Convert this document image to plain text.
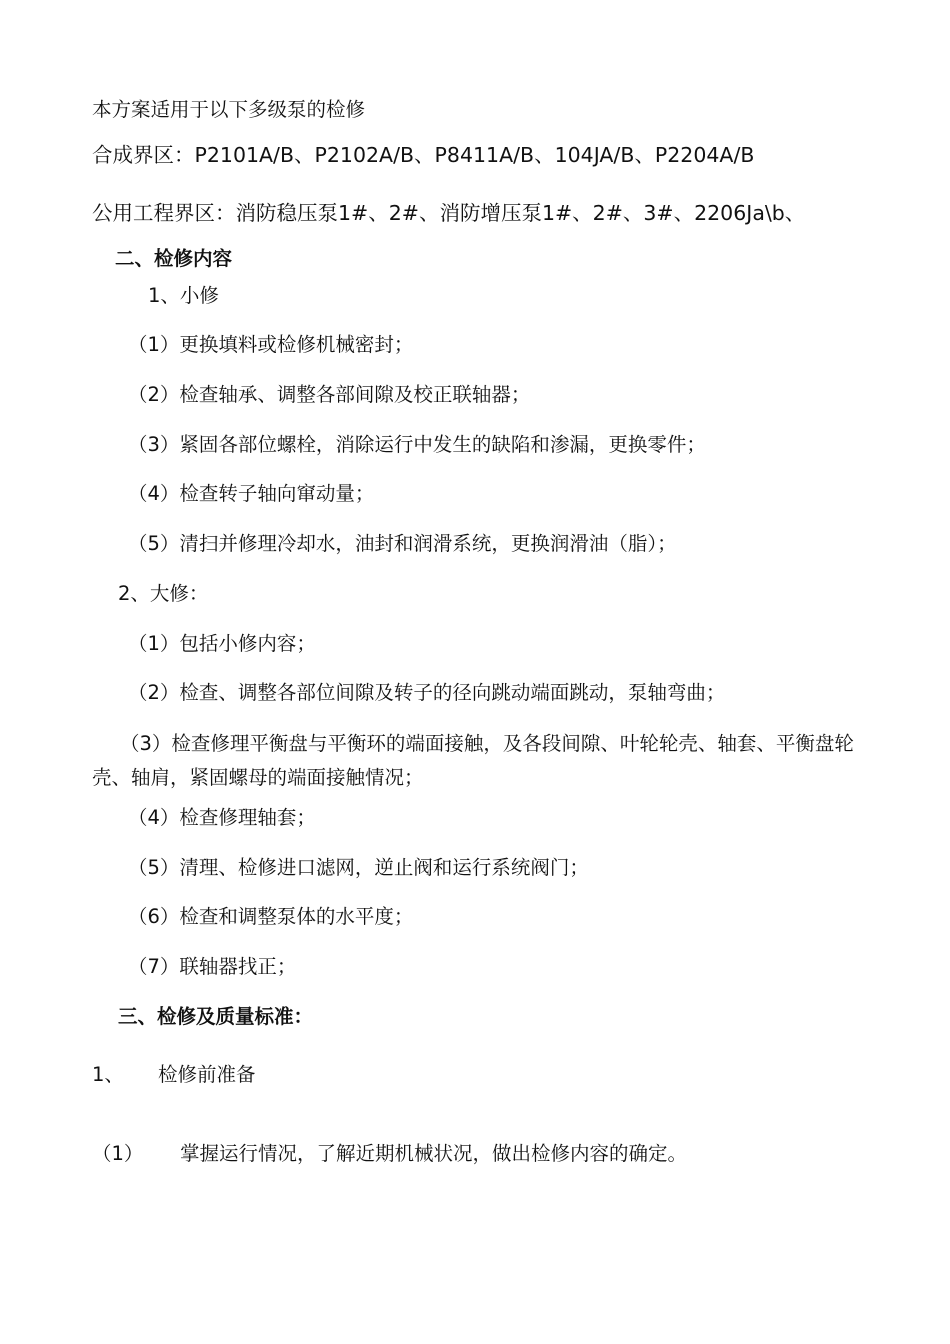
本方案适用于以下多级泵的检修
合成界区：P2101A/B、P2102A/B、P8411A/B、104JA/B、P2204A/B
公用工程界区：消防稳压泵1#、2#、消防增压泵1#、2#、3#、2206Ja\b、
二、检修内容
1、小修
（1）更换填料或检修机械密封；
（2）检查轴承、调整各部间隙及校正联轴器；
（3）紧固各部位螺栓，消除运行中发生的缺陷和渗漏，更换零件；
（4）检查转子轴向窜动量；
（5）清扫并修理冷却水，油封和润滑系统，更换润滑油（脂）；
2、大修：
（1）包括小修内容；
（2）检查、调整各部位间隙及转子的径向跳动端面跳动，泵轴弯曲；
（3）检查修理平衡盘与平衡环的端面接触，及各段间隙、叶轮轮壳、轴套、平衡盘轮壳、轴肩，紧固螺母的端面接触情况；
（4）检查修理轴套；
（5）清理、检修进口滤网，逆止阀和运行系统阀门；
（6）检查和调整泵体的水平度；
（7）联轴器找正；
三、检修及质量标准：
1、 检修前准备
（1） 掌握运行情况，了解近期机械状况，做出检修内容的确定。
